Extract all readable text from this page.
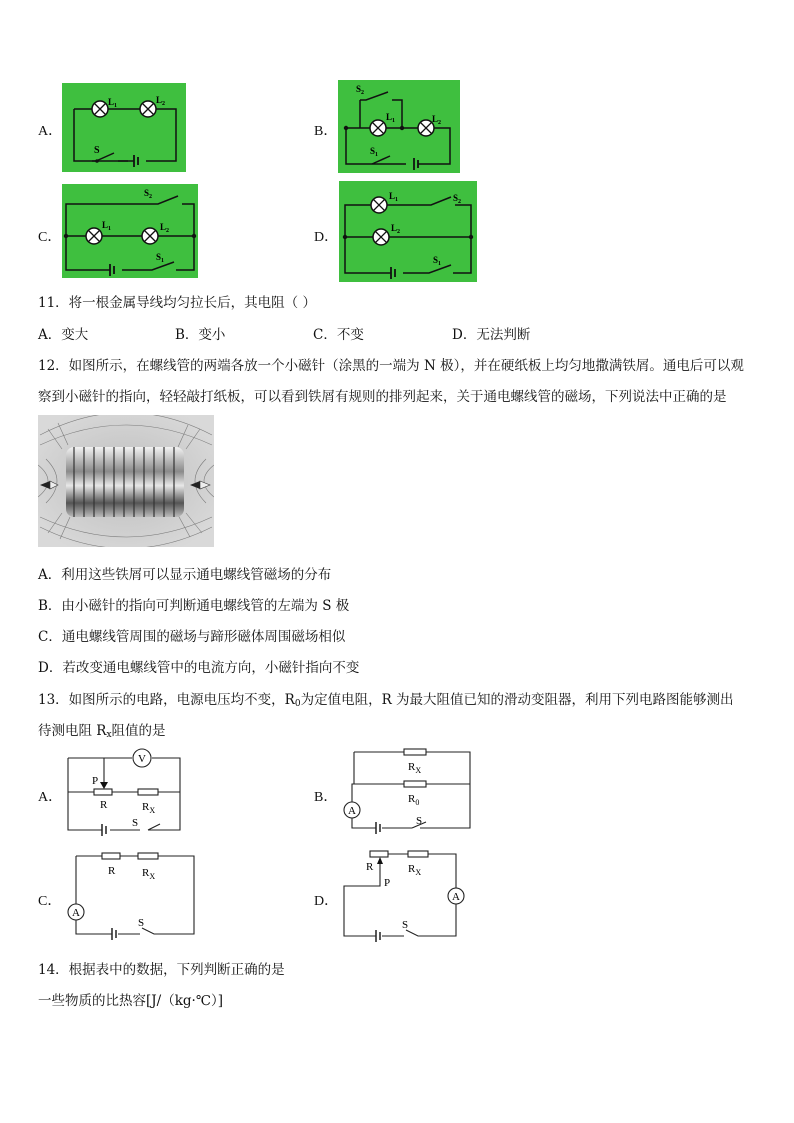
A．
$L_1$
$L_2$
S
B．
$S_2$
$L_1$	$L_2$
$S_1$
C．
$S_2$
$L_1$	$L_2$
$S_1$
D．
$L_1$	$S_2$
$L_2$
$S_1$
11．将一根金属导线均匀拉长后，其电阻（ ）
A．变大	B．变小	C．不变	D．无法判断
12．如图所示，在螺线管的两端各放一个小磁针（涂黑的一端为 N 极），并在硬纸板上均匀地撒满铁屑。通电后可以观
察到小磁针的指向，轻轻敲打纸板，可以看到铁屑有规则的排列起来，关于通电螺线管的磁场，下列说法中正确的是
A．利用这些铁屑可以显示通电螺线管磁场的分布
B．由小磁针的指向可判断通电螺线管的左端为 S 极
C．通电螺线管周围的磁场与蹄形磁体周围磁场相似
D．若改变通电螺线管中的电流方向，小磁针指向不变
13．如图所示的电路，电源电压均不变，$R_0$为定值电阻，R 为最大阻值已知的滑动变阻器，利用下列电路图能够测出
待测电阻 $R_x$阻值的是
A．
V
P
R	$R_X$
S
B．
A
$R_X$
$R_0$
S
C．
A
R $R_X$
S
D．	A
R
P
$R_X$
S
14．根据表中的数据，下列判断正确的是
一些物质的比热容[J/（kg·℃）]
